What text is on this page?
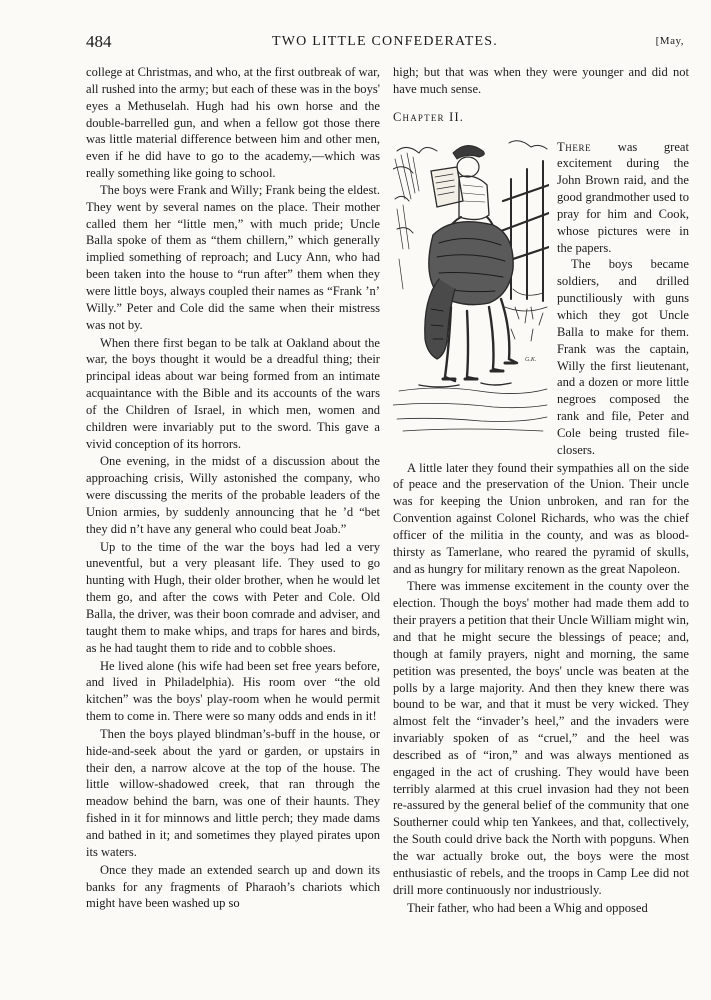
484	TWO LITTLE CONFEDERATES.	[May,

college at Christmas, and who, at the first outbreak of war, all rushed into the army; but each of these was in the boys' eyes a Methuselah. Hugh had his own horse and the double-barrelled gun, and when a fellow got those there was little material difference between him and other men, even if he did have to go to the academy,—which was really something like going to school.

The boys were Frank and Willy; Frank being the eldest. They went by several names on the place. Their mother called them her “little men,” with much pride; Uncle Balla spoke of them as “them chillern,” which generally implied something of reproach; and Lucy Ann, who had been taken into the house to “run after” them when they were little boys, always coupled their names as “Frank ’n’ Willy.” Peter and Cole did the same when their mistress was not by.

When there first began to be talk at Oakland about the war, the boys thought it would be a dreadful thing; their principal ideas about war being formed from an intimate acquaintance with the Bible and its accounts of the wars of the Children of Israel, in which men, women and children were invariably put to the sword. This gave a vivid conception of its horrors.

One evening, in the midst of a discussion about the approaching crisis, Willy astonished the company, who were discussing the merits of the probable leaders of the Union armies, by suddenly announcing that he ’d “bet they did n’t have any general who could beat Joab.”

Up to the time of the war the boys had led a very uneventful, but a very pleasant life. They used to go hunting with Hugh, their older brother, when he would let them go, and after the cows with Peter and Cole. Old Balla, the driver, was their boon comrade and adviser, and taught them to make whips, and traps for hares and birds, as he had taught them to ride and to cobble shoes.

He lived alone (his wife had been set free years before, and lived in Philadelphia). His room over “the old kitchen” was the boys' play-room when he would permit them to come in. There were so many odds and ends in it!

Then the boys played blindman’s-buff in the house, or hide-and-seek about the yard or garden, or upstairs in their den, a narrow alcove at the top of the house. The little willow-shadowed creek, that ran through the meadow behind the barn, was one of their haunts. They fished in it for minnows and little perch; they made dams and bathed in it; and sometimes they played pirates upon its waters.

Once they made an extended search up and down its banks for any fragments of Pharaoh’s chariots which might have been washed up so

high; but that was when they were younger and did not have much sense.

Chapter II.

G.K.

There was great excitement during the John Brown raid, and the good grandmother used to pray for him and Cook, whose pictures were in the papers.

The boys became soldiers, and drilled punctiliously with guns which they got Uncle Balla to make for them. Frank was the captain, Willy the first lieutenant, and a dozen or more little negroes composed the rank and file, Peter and Cole being trusted file-closers.

A little later they found their sympathies all on the side of peace and the preservation of the Union. Their uncle was for keeping the Union unbroken, and ran for the Convention against Colonel Richards, who was the chief officer of the militia in the county, and was as blood-thirsty as Tamerlane, who reared the pyramid of skulls, and as hungry for military renown as the great Napoleon.

There was immense excitement in the county over the election. Though the boys' mother had made them add to their prayers a petition that their Uncle William might win, and that he might secure the blessings of peace; and, though at family prayers, night and morning, the same petition was presented, the boys' uncle was beaten at the polls by a large majority. And then they knew there was bound to be war, and that it must be very wicked. They almost felt the “invader’s heel,” and the invaders were invariably spoken of as “cruel,” and the heel was described as of “iron,” and was always mentioned as engaged in the act of crushing. They would have been terribly alarmed at this cruel invasion had they not been re-assured by the general belief of the community that one Southerner could whip ten Yankees, and that, collectively, the South could drive back the North with popguns. When the war actually broke out, the boys were the most enthusiastic of rebels, and the troops in Camp Lee did not drill more continuously nor industriously.

Their father, who had been a Whig and opposed
